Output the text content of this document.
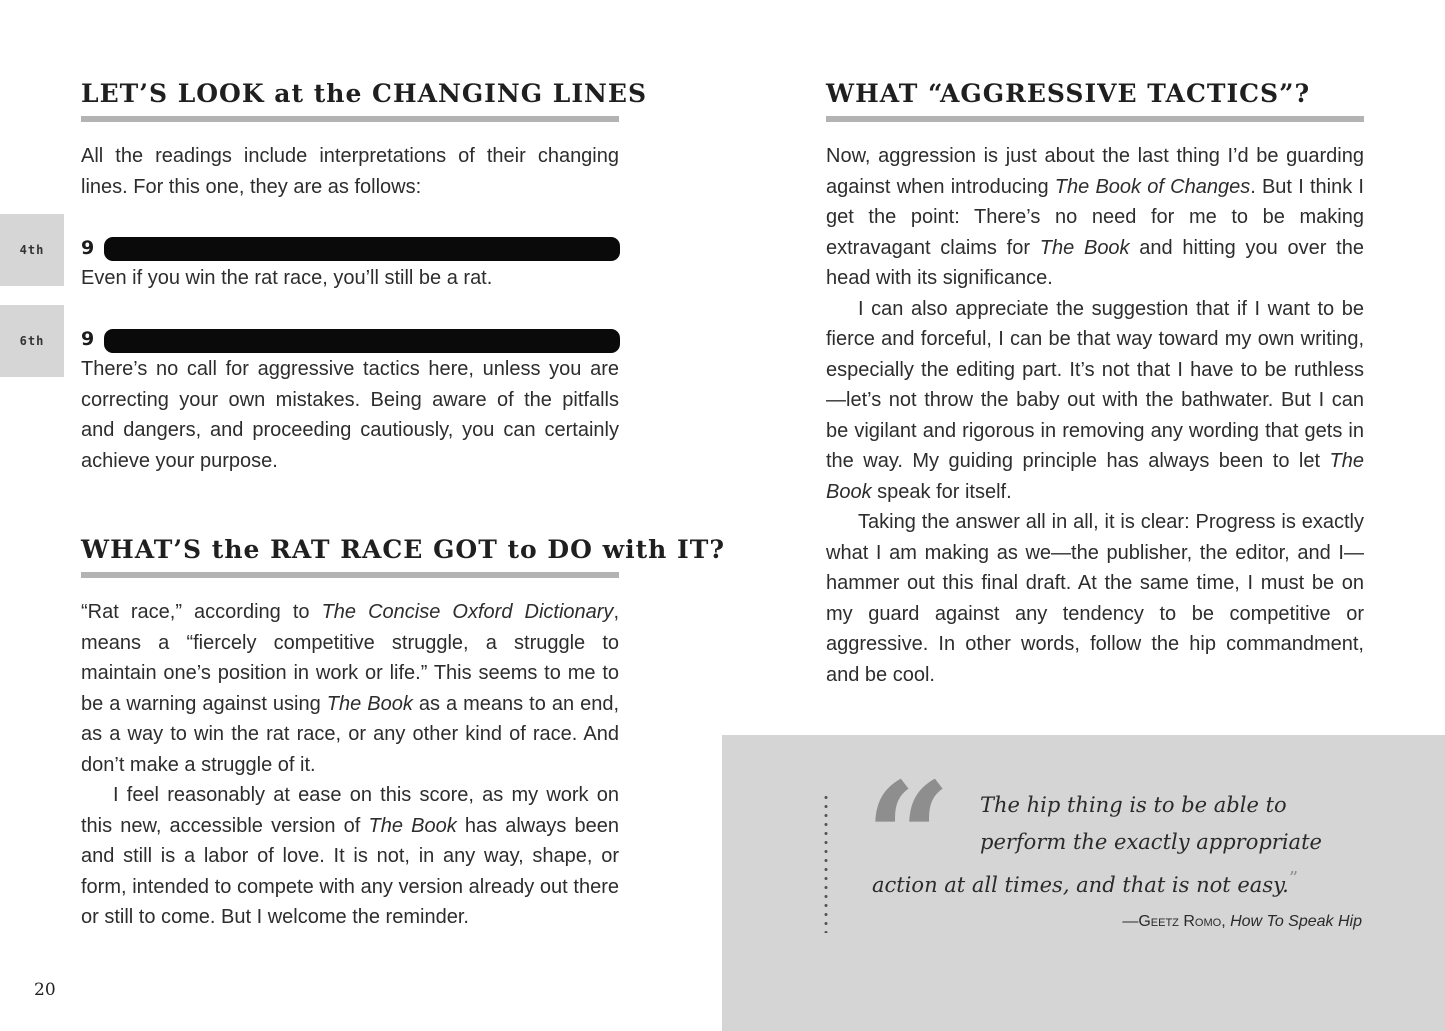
LET’S LOOK at the CHANGING LINES

All the readings include interpretations of their changing lines. For this one, they are as follows:

4th	9

Even if you win the rat race, you’ll still be a rat.

6th	9

There’s no call for aggressive tactics here, unless you are correcting your own mistakes. Being aware of the pitfalls and dangers, and proceeding cautiously, you can certainly achieve your purpose.

WHAT’S the RAT RACE GOT to DO with IT?

“Rat race,” according to The Concise Oxford Dictionary, means a “fiercely competitive struggle, a struggle to maintain one’s position in work or life.” This seems to me to be a warning against using The Book as a means to an end, as a way to win the rat race, or any other kind of race. And don’t make a struggle of it.

I feel reasonably at ease on this score, as my work on this new, accessible version of The Book has always been and still is a labor of love. It is not, in any way, shape, or form, intended to compete with any version already out there or still to come. But I welcome the reminder.

20
WHAT “AGGRESSIVE TACTICS”?

Now, aggression is just about the last thing I’d be guarding against when introducing The Book of Changes. But I think I get the point: There’s no need for me to be making extravagant claims for The Book and hitting you over the head with its significance.

I can also appreciate the suggestion that if I want to be fierce and forceful, I can be that way toward my own writing, especially the editing part. It’s not that I have to be ruthless—let’s not throw the baby out with the bathwater. But I can be vigilant and rigorous in removing any wording that gets in the way. My guiding principle has always been to let The Book speak for itself.

Taking the answer all in all, it is clear: Progress is exactly what I am making as we—the publisher, the editor, and I—hammer out this final draft. At the same time, I must be on my guard against any tendency to be competitive or aggressive. In other words, follow the hip commandment, and be cool.

“ The hip thing is to be able to
perform the exactly appropriate
action at all times, and that is not easy.”
—Geetz Romo, How To Speak Hip
